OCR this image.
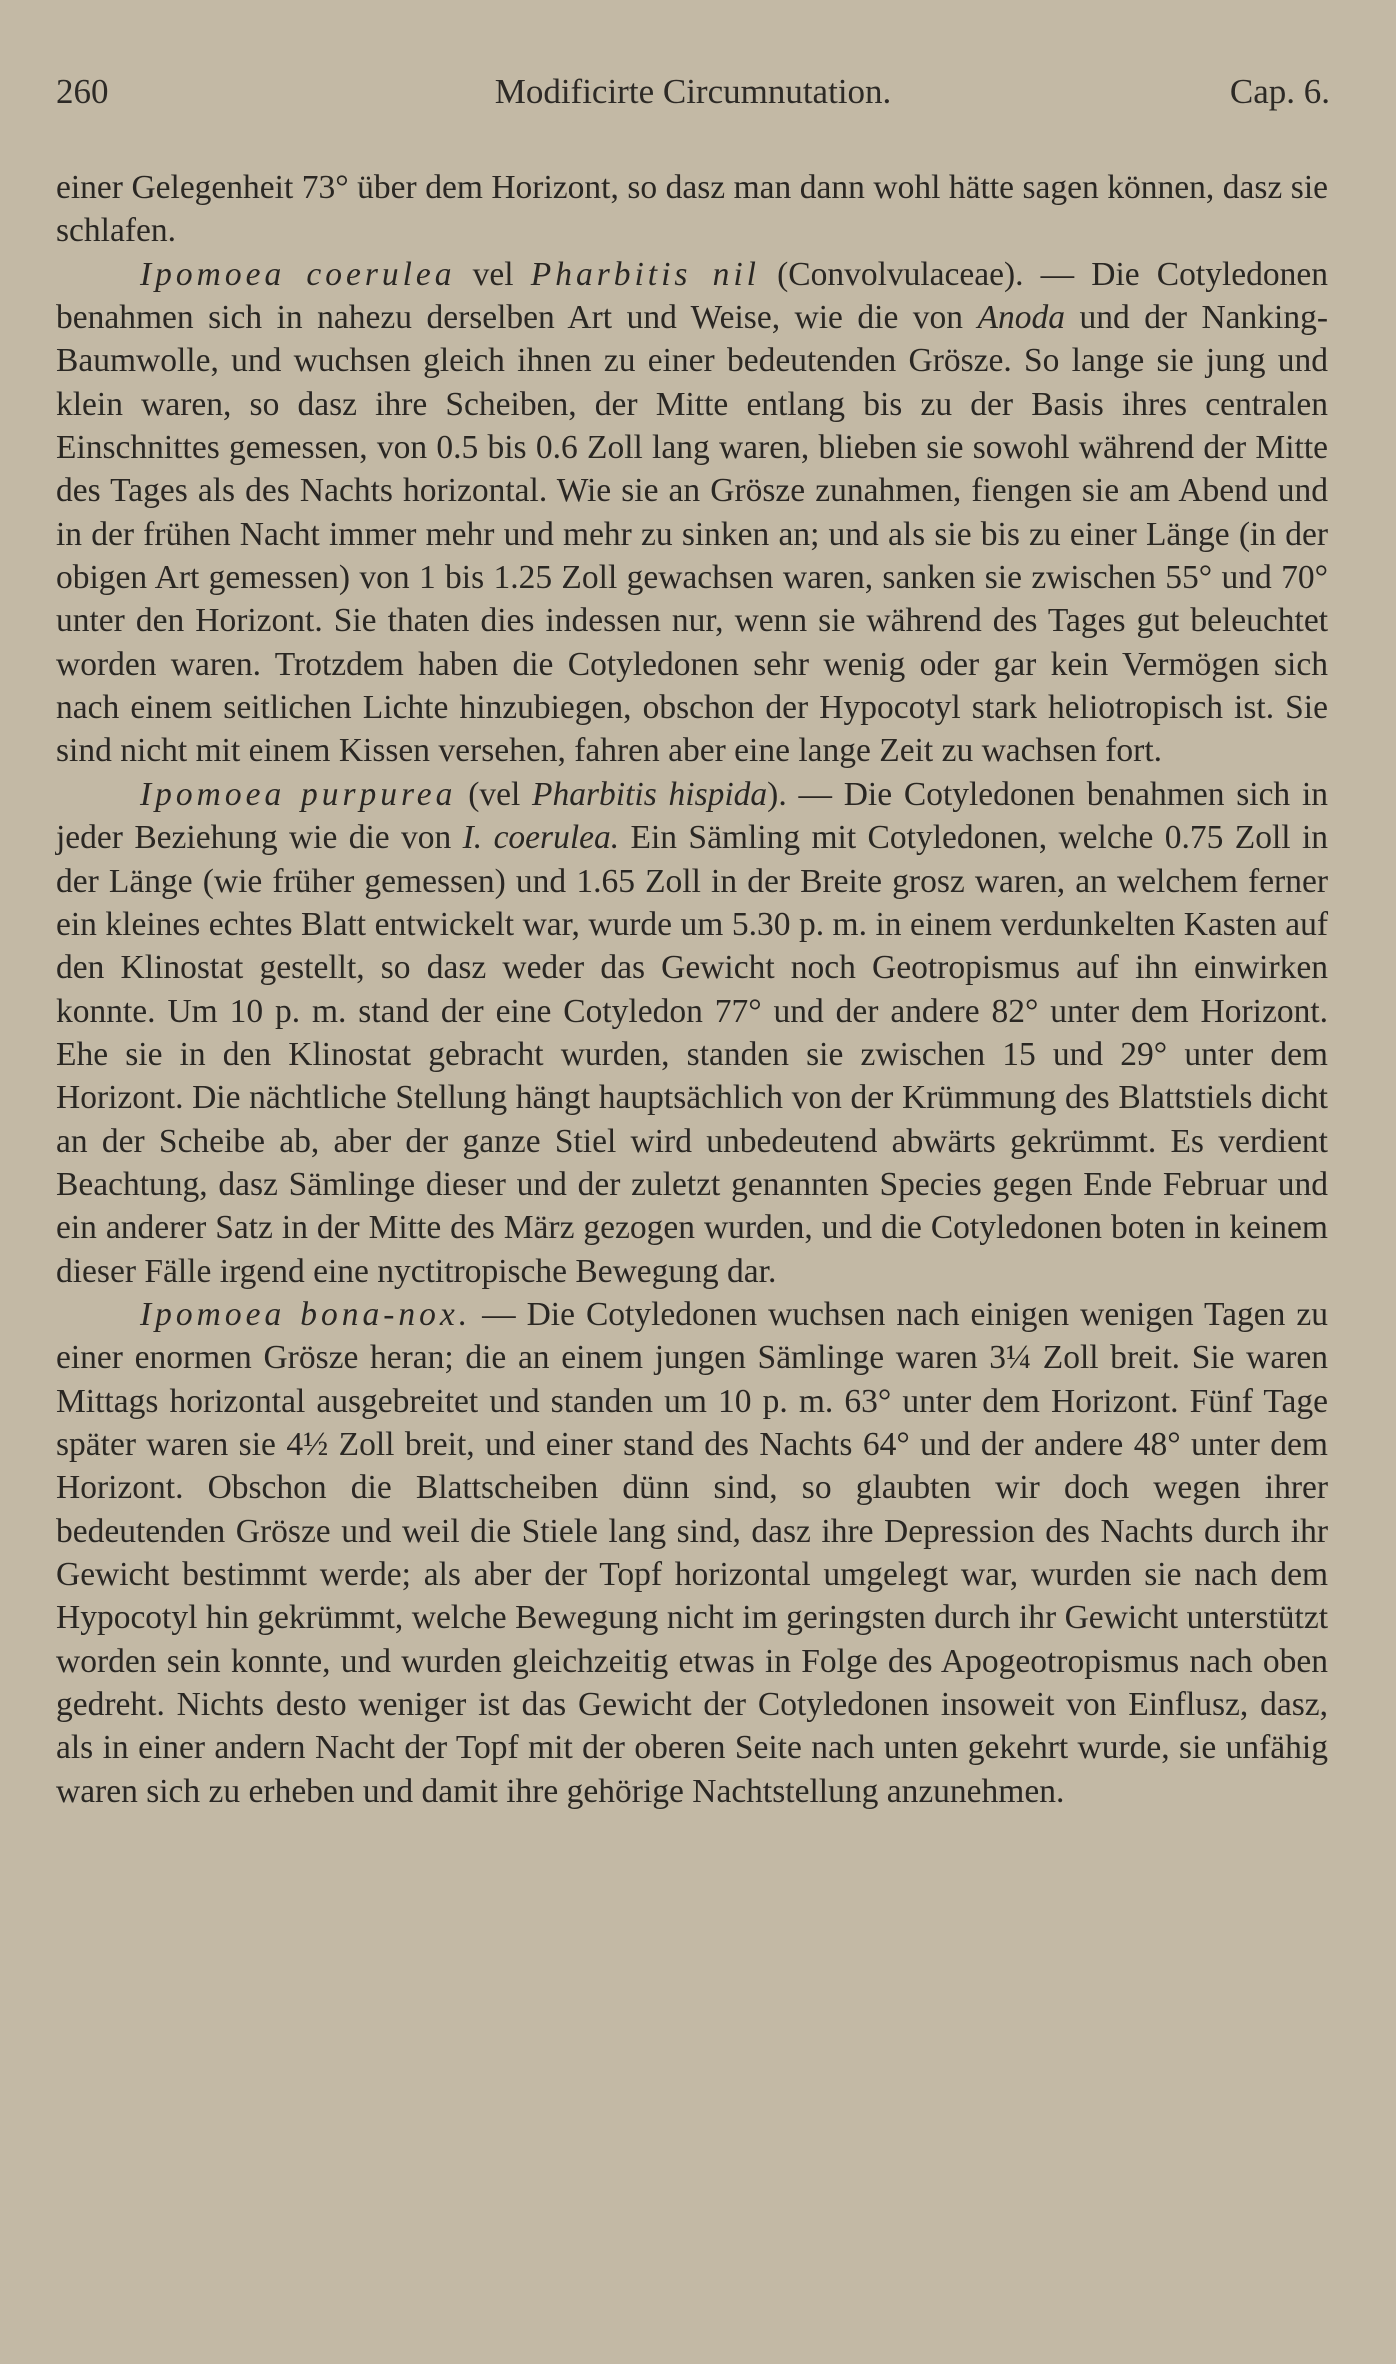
260	Modificirte Circumnutation.	Cap. 6.

einer Gelegenheit 73° über dem Horizont, so dasz man dann wohl hätte sagen können, dasz sie schlafen.

Ipomoea coerulea vel Pharbitis nil (Convolvulaceae). — Die Cotyledonen benahmen sich in nahezu derselben Art und Weise, wie die von Anoda und der Nanking-Baumwolle, und wuchsen gleich ihnen zu einer bedeutenden Grösze. So lange sie jung und klein waren, so dasz ihre Scheiben, der Mitte entlang bis zu der Basis ihres centralen Einschnittes gemessen, von 0.5 bis 0.6 Zoll lang waren, blieben sie sowohl während der Mitte des Tages als des Nachts horizontal. Wie sie an Grösze zunahmen, fiengen sie am Abend und in der frühen Nacht immer mehr und mehr zu sinken an; und als sie bis zu einer Länge (in der obigen Art gemessen) von 1 bis 1.25 Zoll gewachsen waren, sanken sie zwischen 55° und 70° unter den Horizont. Sie thaten dies indessen nur, wenn sie während des Tages gut beleuchtet worden waren. Trotzdem haben die Cotyledonen sehr wenig oder gar kein Vermögen sich nach einem seitlichen Lichte hinzubiegen, obschon der Hypocotyl stark heliotropisch ist. Sie sind nicht mit einem Kissen versehen, fahren aber eine lange Zeit zu wachsen fort.

Ipomoea purpurea (vel Pharbitis hispida). — Die Cotyledonen benahmen sich in jeder Beziehung wie die von I. coerulea. Ein Sämling mit Cotyledonen, welche 0.75 Zoll in der Länge (wie früher gemessen) und 1.65 Zoll in der Breite grosz waren, an welchem ferner ein kleines echtes Blatt entwickelt war, wurde um 5.30 p. m. in einem verdunkelten Kasten auf den Klinostat gestellt, so dasz weder das Gewicht noch Geotropismus auf ihn einwirken konnte. Um 10 p. m. stand der eine Cotyledon 77° und der andere 82° unter dem Horizont. Ehe sie in den Klinostat gebracht wurden, standen sie zwischen 15 und 29° unter dem Horizont. Die nächtliche Stellung hängt hauptsächlich von der Krümmung des Blattstiels dicht an der Scheibe ab, aber der ganze Stiel wird unbedeutend abwärts gekrümmt. Es verdient Beachtung, dasz Sämlinge dieser und der zuletzt genannten Species gegen Ende Februar und ein anderer Satz in der Mitte des März gezogen wurden, und die Cotyledonen boten in keinem dieser Fälle irgend eine nyctitropische Bewegung dar.

Ipomoea bona-nox. — Die Cotyledonen wuchsen nach einigen wenigen Tagen zu einer enormen Grösze heran; die an einem jungen Sämlinge waren 3¼ Zoll breit. Sie waren Mittags horizontal ausgebreitet und standen um 10 p. m. 63° unter dem Horizont. Fünf Tage später waren sie 4½ Zoll breit, und einer stand des Nachts 64° und der andere 48° unter dem Horizont. Obschon die Blattscheiben dünn sind, so glaubten wir doch wegen ihrer bedeutenden Grösze und weil die Stiele lang sind, dasz ihre Depression des Nachts durch ihr Gewicht bestimmt werde; als aber der Topf horizontal umgelegt war, wurden sie nach dem Hypocotyl hin gekrümmt, welche Bewegung nicht im geringsten durch ihr Gewicht unterstützt worden sein konnte, und wurden gleichzeitig etwas in Folge des Apogeotropismus nach oben gedreht. Nichts desto weniger ist das Gewicht der Cotyledonen insoweit von Einflusz, dasz, als in einer andern Nacht der Topf mit der oberen Seite nach unten gekehrt wurde, sie unfähig waren sich zu erheben und damit ihre gehörige Nachtstellung anzunehmen.
